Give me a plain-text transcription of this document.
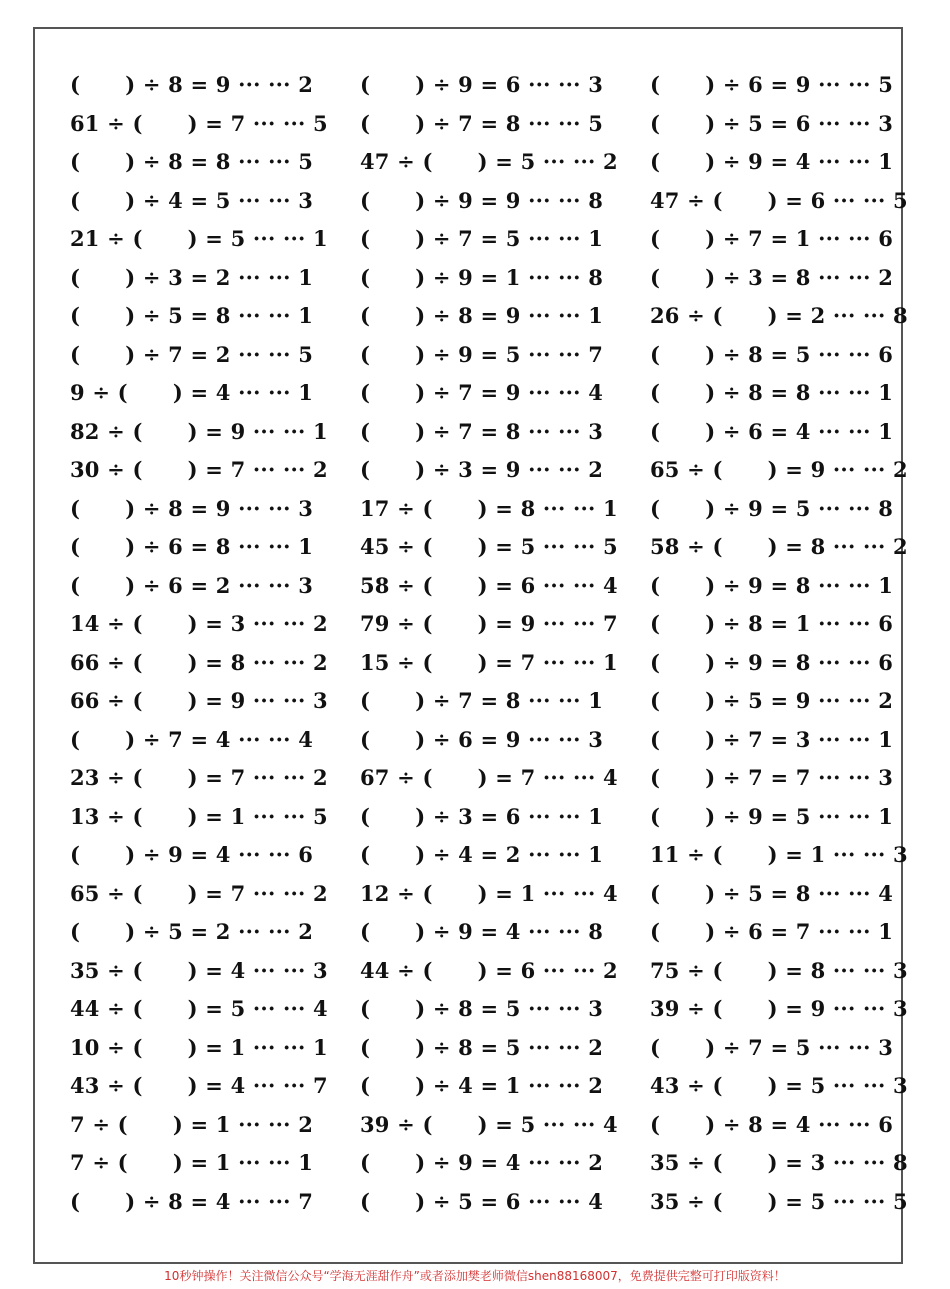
(      ) ÷ 8 = 9 ··· ··· 2
61 ÷ (      ) = 7 ··· ··· 5
(      ) ÷ 8 = 8 ··· ··· 5
(      ) ÷ 4 = 5 ··· ··· 3
21 ÷ (      ) = 5 ··· ··· 1
(      ) ÷ 3 = 2 ··· ··· 1
(      ) ÷ 5 = 8 ··· ··· 1
(      ) ÷ 7 = 2 ··· ··· 5
9 ÷ (      ) = 4 ··· ··· 1
82 ÷ (      ) = 9 ··· ··· 1
30 ÷ (      ) = 7 ··· ··· 2
(      ) ÷ 8 = 9 ··· ··· 3
(      ) ÷ 6 = 8 ··· ··· 1
(      ) ÷ 6 = 2 ··· ··· 3
14 ÷ (      ) = 3 ··· ··· 2
66 ÷ (      ) = 8 ··· ··· 2
66 ÷ (      ) = 9 ··· ··· 3
(      ) ÷ 7 = 4 ··· ··· 4
23 ÷ (      ) = 7 ··· ··· 2
13 ÷ (      ) = 1 ··· ··· 5
(      ) ÷ 9 = 4 ··· ··· 6
65 ÷ (      ) = 7 ··· ··· 2
(      ) ÷ 5 = 2 ··· ··· 2
35 ÷ (      ) = 4 ··· ··· 3
44 ÷ (      ) = 5 ··· ··· 4
10 ÷ (      ) = 1 ··· ··· 1
43 ÷ (      ) = 4 ··· ··· 7
7 ÷ (      ) = 1 ··· ··· 2
7 ÷ (      ) = 1 ··· ··· 1
(      ) ÷ 8 = 4 ··· ··· 7
(      ) ÷ 9 = 6 ··· ··· 3
(      ) ÷ 7 = 8 ··· ··· 5
47 ÷ (      ) = 5 ··· ··· 2
(      ) ÷ 9 = 9 ··· ··· 8
(      ) ÷ 7 = 5 ··· ··· 1
(      ) ÷ 9 = 1 ··· ··· 8
(      ) ÷ 8 = 9 ··· ··· 1
(      ) ÷ 9 = 5 ··· ··· 7
(      ) ÷ 7 = 9 ··· ··· 4
(      ) ÷ 7 = 8 ··· ··· 3
(      ) ÷ 3 = 9 ··· ··· 2
17 ÷ (      ) = 8 ··· ··· 1
45 ÷ (      ) = 5 ··· ··· 5
58 ÷ (      ) = 6 ··· ··· 4
79 ÷ (      ) = 9 ··· ··· 7
15 ÷ (      ) = 7 ··· ··· 1
(      ) ÷ 7 = 8 ··· ··· 1
(      ) ÷ 6 = 9 ··· ··· 3
67 ÷ (      ) = 7 ··· ··· 4
(      ) ÷ 3 = 6 ··· ··· 1
(      ) ÷ 4 = 2 ··· ··· 1
12 ÷ (      ) = 1 ··· ··· 4
(      ) ÷ 9 = 4 ··· ··· 8
44 ÷ (      ) = 6 ··· ··· 2
(      ) ÷ 8 = 5 ··· ··· 3
(      ) ÷ 8 = 5 ··· ··· 2
(      ) ÷ 4 = 1 ··· ··· 2
39 ÷ (      ) = 5 ··· ··· 4
(      ) ÷ 9 = 4 ··· ··· 2
(      ) ÷ 5 = 6 ··· ··· 4
(      ) ÷ 6 = 9 ··· ··· 5
(      ) ÷ 5 = 6 ··· ··· 3
(      ) ÷ 9 = 4 ··· ··· 1
47 ÷ (      ) = 6 ··· ··· 5
(      ) ÷ 7 = 1 ··· ··· 6
(      ) ÷ 3 = 8 ··· ··· 2
26 ÷ (      ) = 2 ··· ··· 8
(      ) ÷ 8 = 5 ··· ··· 6
(      ) ÷ 8 = 8 ··· ··· 1
(      ) ÷ 6 = 4 ··· ··· 1
65 ÷ (      ) = 9 ··· ··· 2
(      ) ÷ 9 = 5 ··· ··· 8
58 ÷ (      ) = 8 ··· ··· 2
(      ) ÷ 9 = 8 ··· ··· 1
(      ) ÷ 8 = 1 ··· ··· 6
(      ) ÷ 9 = 8 ··· ··· 6
(      ) ÷ 5 = 9 ··· ··· 2
(      ) ÷ 7 = 3 ··· ··· 1
(      ) ÷ 7 = 7 ··· ··· 3
(      ) ÷ 9 = 5 ··· ··· 1
11 ÷ (      ) = 1 ··· ··· 3
(      ) ÷ 5 = 8 ··· ··· 4
(      ) ÷ 6 = 7 ··· ··· 1
75 ÷ (      ) = 8 ··· ··· 3
39 ÷ (      ) = 9 ··· ··· 3
(      ) ÷ 7 = 5 ··· ··· 3
43 ÷ (      ) = 5 ··· ··· 3
(      ) ÷ 8 = 4 ··· ··· 6
35 ÷ (      ) = 3 ··· ··· 8
35 ÷ (      ) = 5 ··· ··· 5
10秒钟操作！关注微信公众号“学海无涯甜作舟”或者添加樊老师微信shen88168007，免费提供完整可打印版资料！
